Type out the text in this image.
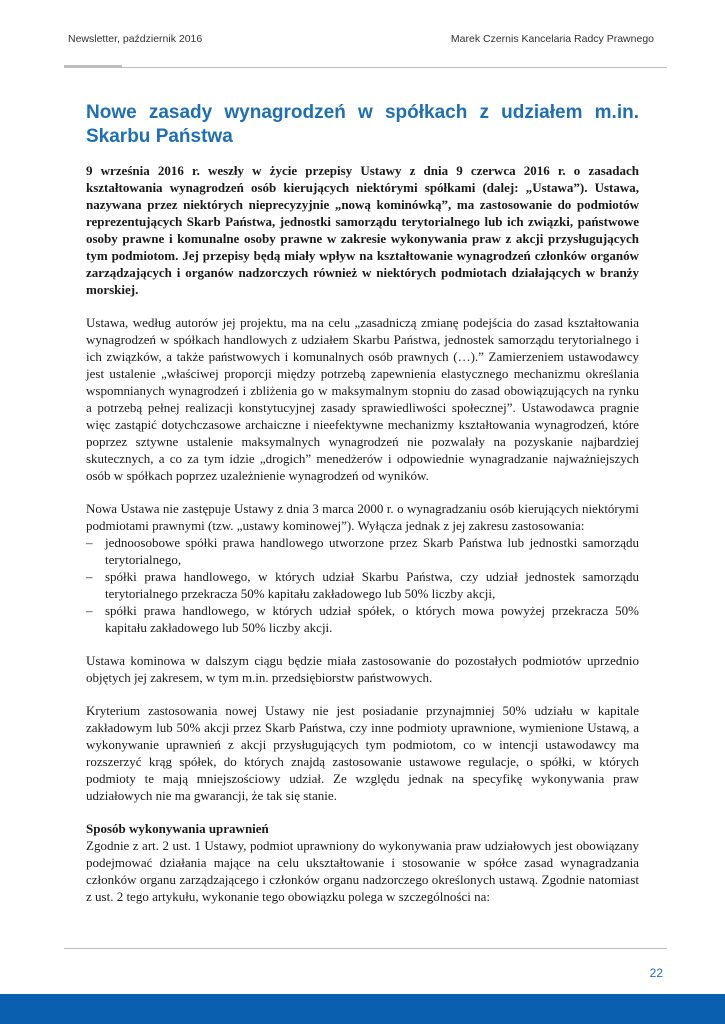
Newsletter, październik 2016	Marek Czernis Kancelaria Radcy Prawnego
Nowe zasady wynagrodzeń w spółkach z udziałem m.in. Skarbu Państwa

9 września 2016 r. weszły w życie przepisy Ustawy z dnia 9 czerwca 2016 r. o zasadach kształtowania wynagrodzeń osób kierujących niektórymi spółkami (dalej: „Ustawa”). Ustawa, nazywana przez niektórych nieprecyzyjnie „nową kominówką”, ma zastosowanie do podmiotów reprezentujących Skarb Państwa, jednostki samorządu terytorialnego lub ich związki, państwowe osoby prawne i komunalne osoby prawne w zakresie wykonywania praw z akcji przysługujących tym podmiotom. Jej przepisy będą miały wpływ na kształtowanie wynagrodzeń członków organów zarządzających i organów nadzorczych również w niektórych podmiotach działających w branży morskiej.

Ustawa, według autorów jej projektu, ma na celu „zasadniczą zmianę podejścia do zasad kształtowania wynagrodzeń w spółkach handlowych z udziałem Skarbu Państwa, jednostek samorządu terytorialnego i ich związków, a także państwowych i komunalnych osób prawnych (…).” Zamierzeniem ustawodawcy jest ustalenie „właściwej proporcji między potrzebą zapewnienia elastycznego mechanizmu określania wspomnianych wynagrodzeń i zbliżenia go w maksymalnym stopniu do zasad obowiązujących na rynku a potrzebą pełnej realizacji konstytucyjnej zasady sprawiedliwości społecznej”. Ustawodawca pragnie więc zastąpić dotychczasowe archaiczne i nieefektywne mechanizmy kształtowania wynagrodzeń, które poprzez sztywne ustalenie maksymalnych wynagrodzeń nie pozwalały na pozyskanie najbardziej skutecznych, a co za tym idzie „drogich” menedżerów i odpowiednie wynagradzanie najważniejszych osób w spółkach poprzez uzależnienie wynagrodzeń od wyników.

Nowa Ustawa nie zastępuje Ustawy z dnia 3 marca 2000 r. o wynagradzaniu osób kierujących niektórymi podmiotami prawnymi (tzw. „ustawy kominowej”). Wyłącza jednak z jej zakresu zastosowania:

– jednoosobowe spółki prawa handlowego utworzone przez Skarb Państwa lub jednostki samorządu terytorialnego,
– spółki prawa handlowego, w których udział Skarbu Państwa, czy udział jednostek samorządu terytorialnego przekracza 50% kapitału zakładowego lub 50% liczby akcji,
– spółki prawa handlowego, w których udział spółek, o których mowa powyżej przekracza 50% kapitału zakładowego lub 50% liczby akcji.

Ustawa kominowa w dalszym ciągu będzie miała zastosowanie do pozostałych podmiotów uprzednio objętych jej zakresem, w tym m.in. przedsiębiorstw państwowych.

Kryterium zastosowania nowej Ustawy nie jest posiadanie przynajmniej 50% udziału w kapitale zakładowym lub 50% akcji przez Skarb Państwa, czy inne podmioty uprawnione, wymienione Ustawą, a wykonywanie uprawnień z akcji przysługujących tym podmiotom, co w intencji ustawodawcy ma rozszerzyć krąg spółek, do których znajdą zastosowanie ustawowe regulacje, o spółki, w których podmioty te mają mniejszościowy udział. Ze względu jednak na specyfikę wykonywania praw udziałowych nie ma gwarancji, że tak się stanie.

Sposób wykonywania uprawnień

Zgodnie z art. 2 ust. 1 Ustawy, podmiot uprawniony do wykonywania praw udziałowych jest obowiązany podejmować działania mające na celu ukształtowanie i stosowanie w spółce zasad wynagradzania członków organu zarządzającego i członków organu nadzorczego określonych ustawą. Zgodnie natomiast z ust. 2 tego artykułu, wykonanie tego obowiązku polega w szczególności na:

22
